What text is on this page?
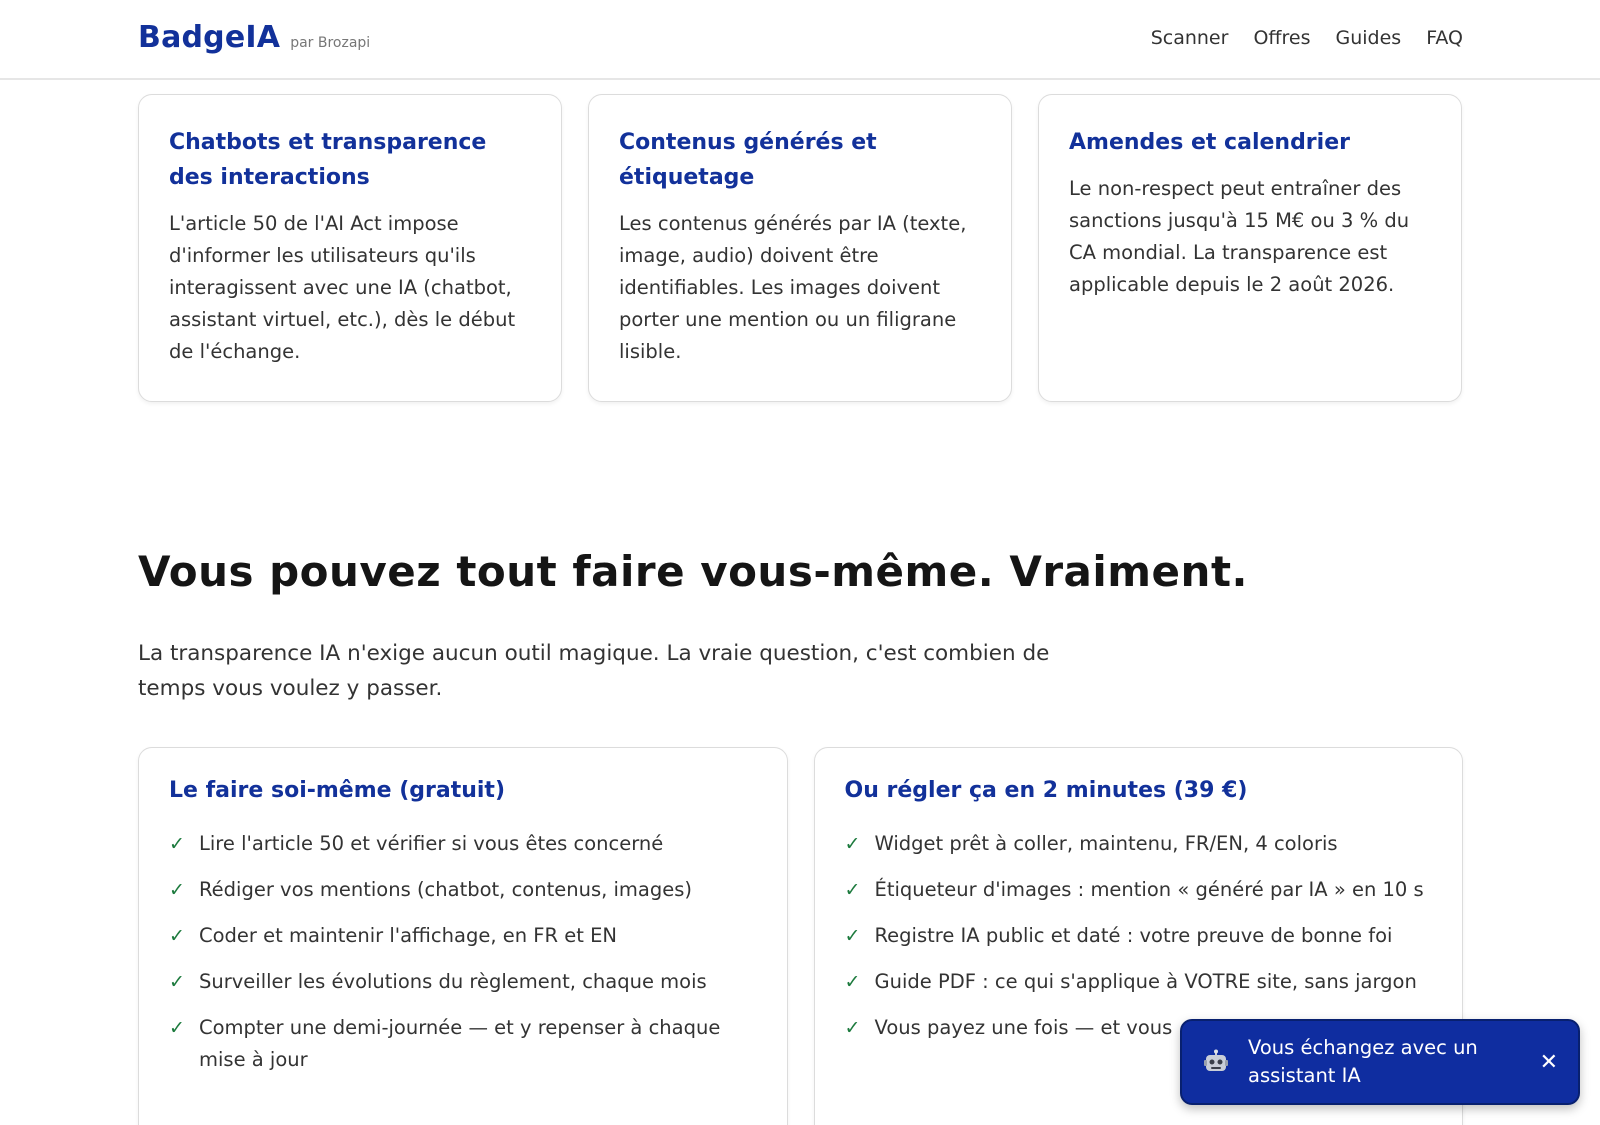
BadgeIA par Brozapi	Scanner Offres Guides FAQ
Chatbots et transparence des interactions

L'article 50 de l'AI Act impose d'informer les utilisateurs qu'ils interagissent avec une IA (chatbot, assistant virtuel, etc.), dès le début de l'échange.

Contenus générés et étiquetage

Les contenus générés par IA (texte, image, audio) doivent être identifiables. Les images doivent porter une mention ou un filigrane lisible.

Amendes et calendrier

Le non-respect peut entraîner des sanctions jusqu'à 15 M€ ou 3 % du CA mondial. La transparence est applicable depuis le 2 août 2026.

Vous pouvez tout faire vous-même. Vraiment.

La transparence IA n'exige aucun outil magique. La vraie question, c'est combien de temps vous voulez y passer.

Le faire soi-même (gratuit)
✓ Lire l'article 50 et vérifier si vous êtes concerné
✓ Rédiger vos mentions (chatbot, contenus, images)
✓ Coder et maintenir l'affichage, en FR et EN
✓ Surveiller les évolutions du règlement, chaque mois
✓ Compter une demi-journée — et y repenser à chaque mise à jour
Ou régler ça en 2 minutes (39 €)
✓ Widget prêt à coller, maintenu, FR/EN, 4 coloris
✓ Étiqueteur d'images : mention « généré par IA » en 10 s
✓ Registre IA public et daté : votre preuve de bonne foi
✓ Guide PDF : ce qui s'applique à VOTRE site, sans jargon
✓ Vous payez une fois — et vous
Vous échangez avec un assistant IA
✕
